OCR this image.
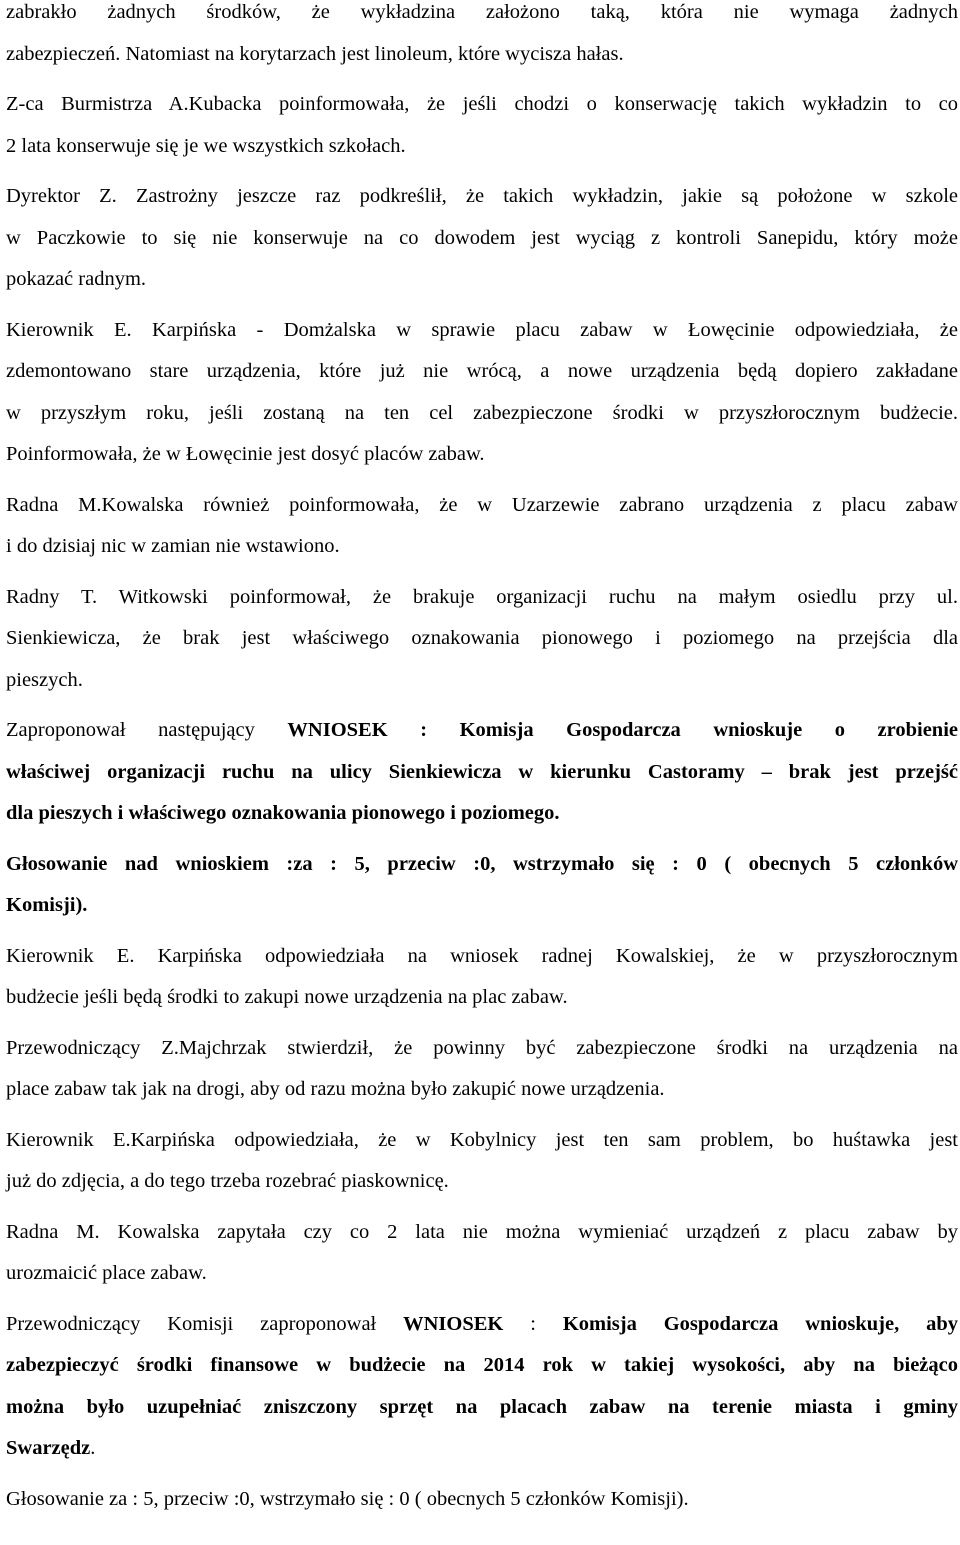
zabrakło żadnych środków, że wykładzina założono taką, która nie wymaga żadnych
zabezpieczeń. Natomiast na korytarzach jest linoleum, które wycisza hałas.
Z-ca Burmistrza A.Kubacka poinformowała, że jeśli chodzi o konserwację takich wykładzin to co
2 lata konserwuje się je we wszystkich szkołach.
Dyrektor Z. Zastrożny jeszcze raz podkreślił, że takich wykładzin, jakie są położone w szkole
w Paczkowie to się nie konserwuje na co dowodem jest wyciąg z kontroli Sanepidu, który może
pokazać radnym.
Kierownik E. Karpińska - Domżalska w sprawie placu zabaw w Łowęcinie odpowiedziała, że
zdemontowano stare urządzenia, które już nie wrócą, a nowe urządzenia będą dopiero zakładane
w przyszłym roku, jeśli zostaną na ten cel zabezpieczone środki w przyszłorocznym budżecie.
Poinformowała, że w Łowęcinie jest dosyć placów zabaw.
Radna M.Kowalska również poinformowała, że w Uzarzewie zabrano urządzenia z placu zabaw
i do dzisiaj nic w zamian nie wstawiono.
Radny T. Witkowski poinformował, że brakuje organizacji ruchu na małym osiedlu przy ul.
Sienkiewicza, że brak jest właściwego oznakowania pionowego i poziomego na przejścia dla
pieszych.
Zaproponował następujący WNIOSEK : Komisja Gospodarcza wnioskuje o zrobienie
właściwej organizacji ruchu na ulicy Sienkiewicza w kierunku Castoramy – brak jest przejść
dla pieszych i właściwego oznakowania pionowego i poziomego.
Głosowanie nad wnioskiem :za : 5, przeciw :0, wstrzymało się : 0 ( obecnych 5 członków
Komisji).
Kierownik E. Karpińska odpowiedziała na wniosek radnej Kowalskiej, że w przyszłorocznym
budżecie jeśli będą środki to zakupi nowe urządzenia na plac zabaw.
Przewodniczący Z.Majchrzak stwierdził, że powinny być zabezpieczone środki na urządzenia na
place zabaw tak jak na drogi, aby od razu można było zakupić nowe urządzenia.
Kierownik E.Karpińska odpowiedziała, że w Kobylnicy jest ten sam problem, bo huśtawka jest
już do zdjęcia, a do tego trzeba rozebrać piaskownicę.
Radna M. Kowalska zapytała czy co 2 lata nie można wymieniać urządzeń z placu zabaw by
urozmaicić place zabaw.
Przewodniczący Komisji zaproponował WNIOSEK : Komisja Gospodarcza wnioskuje, aby
zabezpieczyć środki finansowe w budżecie na 2014 rok w takiej wysokości, aby na bieżąco
można było uzupełniać zniszczony sprzęt na placach zabaw na terenie miasta i gminy
Swarzędz.
Głosowanie za : 5, przeciw :0, wstrzymało się : 0 ( obecnych 5 członków Komisji).
